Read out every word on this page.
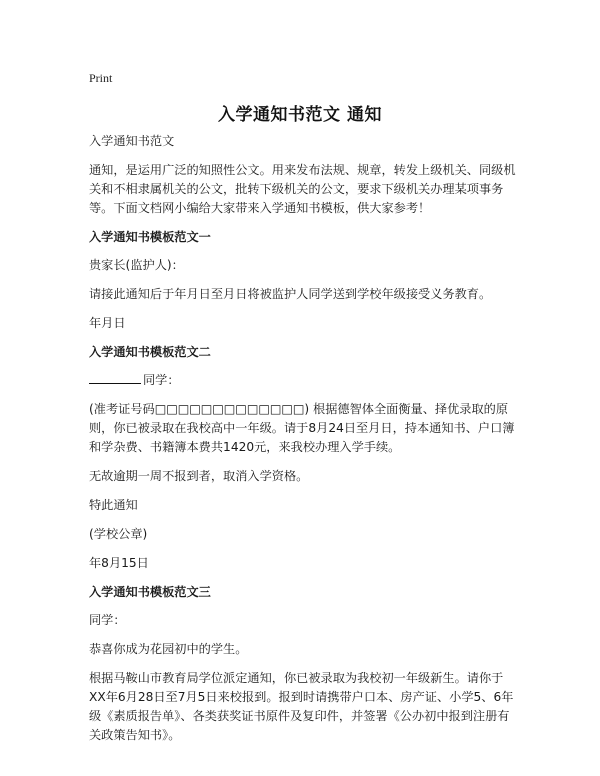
Print
入学通知书范文 通知

入学通知书范文

通知，是运用广泛的知照性公文。用来发布法规、规章，转发上级机关、同级机关和不相隶属机关的公文，批转下级机关的公文，要求下级机关办理某项事务等。下面文档网小编给大家带来入学通知书模板，供大家参考！

入学通知书模板范文一

贵家长(监护人)：

请接此通知后于年月日至月日将被监护人同学送到学校年级接受义务教育。

年月日

入学通知书模板范文二

同学：

(准考证号码□□□□□□□□□□□□□) 根据德智体全面衡量、择优录取的原则，你已被录取在我校高中一年级。请于8月24日至月日，持本通知书、户口簿和学杂费、书籍簿本费共1420元，来我校办理入学手续。

无故逾期一周不报到者，取消入学资格。

特此通知

(学校公章)

年8月15日

入学通知书模板范文三

同学：

恭喜你成为花园初中的学生。

根据马鞍山市教育局学位派定通知，你已被录取为我校初一年级新生。请你于XX年6月28日至7月5日来校报到。报到时请携带户口本、房产证、小学5、6年级《素质报告单》、各类获奖证书原件及复印件，并签署《公办初中报到注册有关政策告知书》。
